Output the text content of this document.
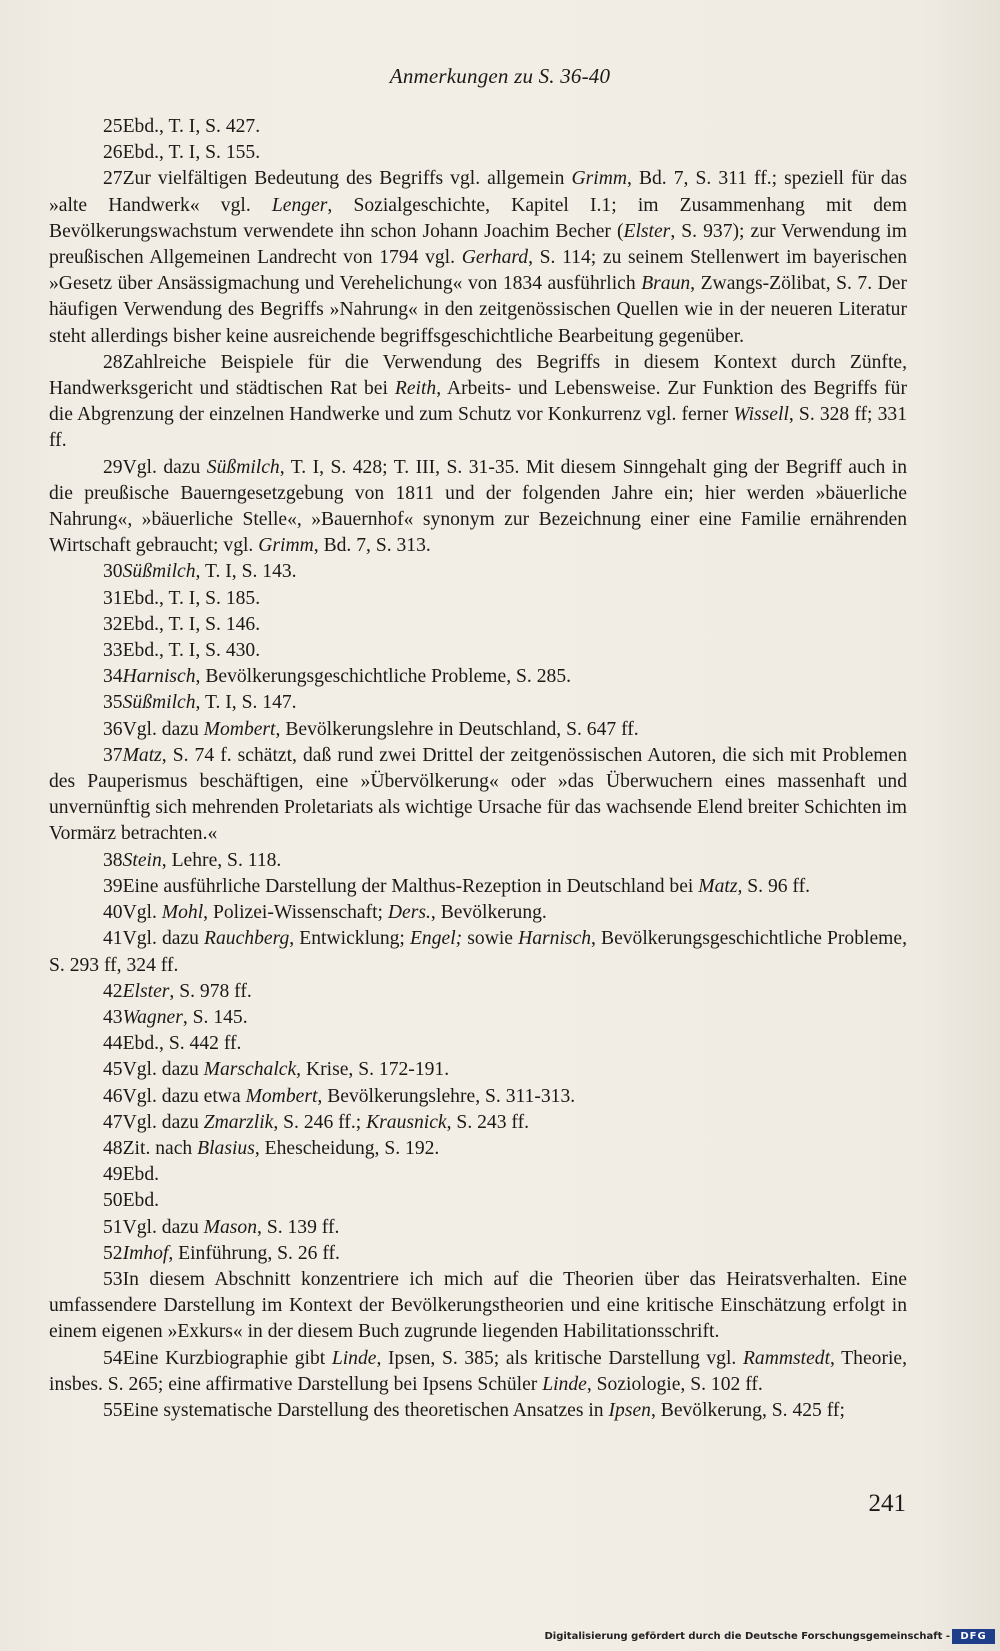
Anmerkungen zu S. 36-40

25Ebd., T. I, S. 427.

26Ebd., T. I, S. 155.

27Zur vielfältigen Bedeutung des Begriffs vgl. allgemein Grimm, Bd. 7, S. 311 ff.; speziell für das »alte Handwerk« vgl. Lenger, Sozialgeschichte, Kapitel I.1; im Zusammenhang mit dem Bevölkerungswachstum verwendete ihn schon Johann Joachim Becher (Elster, S. 937); zur Verwendung im preußischen Allgemeinen Landrecht von 1794 vgl. Gerhard, S. 114; zu seinem Stellenwert im bayerischen »Gesetz über Ansässigmachung und Verehelichung« von 1834 ausführlich Braun, Zwangs-Zölibat, S. 7. Der häufigen Verwendung des Begriffs »Nahrung« in den zeitgenössischen Quellen wie in der neueren Literatur steht allerdings bisher keine ausreichende begriffsgeschichtliche Bearbeitung gegenüber.

28Zahlreiche Beispiele für die Verwendung des Begriffs in diesem Kontext durch Zünfte, Handwerksgericht und städtischen Rat bei Reith, Arbeits- und Lebensweise. Zur Funktion des Begriffs für die Abgrenzung der einzelnen Handwerke und zum Schutz vor Konkurrenz vgl. ferner Wissell, S. 328 ff; 331 ff.

29Vgl. dazu Süßmilch, T. I, S. 428; T. III, S. 31-35. Mit diesem Sinngehalt ging der Begriff auch in die preußische Bauerngesetzgebung von 1811 und der folgenden Jahre ein; hier werden »bäuerliche Nahrung«, »bäuerliche Stelle«, »Bauernhof« synonym zur Bezeichnung einer eine Familie ernährenden Wirtschaft gebraucht; vgl. Grimm, Bd. 7, S. 313.

30Süßmilch, T. I, S. 143.

31Ebd., T. I, S. 185.

32Ebd., T. I, S. 146.

33Ebd., T. I, S. 430.

34Harnisch, Bevölkerungsgeschichtliche Probleme, S. 285.

35Süßmilch, T. I, S. 147.

36Vgl. dazu Mombert, Bevölkerungslehre in Deutschland, S. 647 ff.

37Matz, S. 74 f. schätzt, daß rund zwei Drittel der zeitgenössischen Autoren, die sich mit Problemen des Pauperismus beschäftigen, eine »Übervölkerung« oder »das Überwuchern eines massenhaft und unvernünftig sich mehrenden Proletariats als wichtige Ursache für das wachsende Elend breiter Schichten im Vormärz betrachten.«

38Stein, Lehre, S. 118.

39Eine ausführliche Darstellung der Malthus-Rezeption in Deutschland bei Matz, S. 96 ff.

40Vgl. Mohl, Polizei-Wissenschaft; Ders., Bevölkerung.

41Vgl. dazu Rauchberg, Entwicklung; Engel; sowie Harnisch, Bevölkerungsgeschichtliche Probleme, S. 293 ff, 324 ff.

42Elster, S. 978 ff.

43Wagner, S. 145.

44Ebd., S. 442 ff.

45Vgl. dazu Marschalck, Krise, S. 172-191.

46Vgl. dazu etwa Mombert, Bevölkerungslehre, S. 311-313.

47Vgl. dazu Zmarzlik, S. 246 ff.; Krausnick, S. 243 ff.

48Zit. nach Blasius, Ehescheidung, S. 192.

49Ebd.

50Ebd.

51Vgl. dazu Mason, S. 139 ff.

52Imhof, Einführung, S. 26 ff.

53In diesem Abschnitt konzentriere ich mich auf die Theorien über das Heiratsverhalten. Eine umfassendere Darstellung im Kontext der Bevölkerungstheorien und eine kritische Einschätzung erfolgt in einem eigenen »Exkurs« in der diesem Buch zugrunde liegenden Habilitationsschrift.

54Eine Kurzbiographie gibt Linde, Ipsen, S. 385; als kritische Darstellung vgl. Rammstedt, Theorie, insbes. S. 265; eine affirmative Darstellung bei Ipsens Schüler Linde, Soziologie, S. 102 ff.

55Eine systematische Darstellung des theoretischen Ansatzes in Ipsen, Bevölkerung, S. 425 ff;

241
Digitalisierung gefördert durch die Deutsche Forschungsgemeinschaft -	DFG
